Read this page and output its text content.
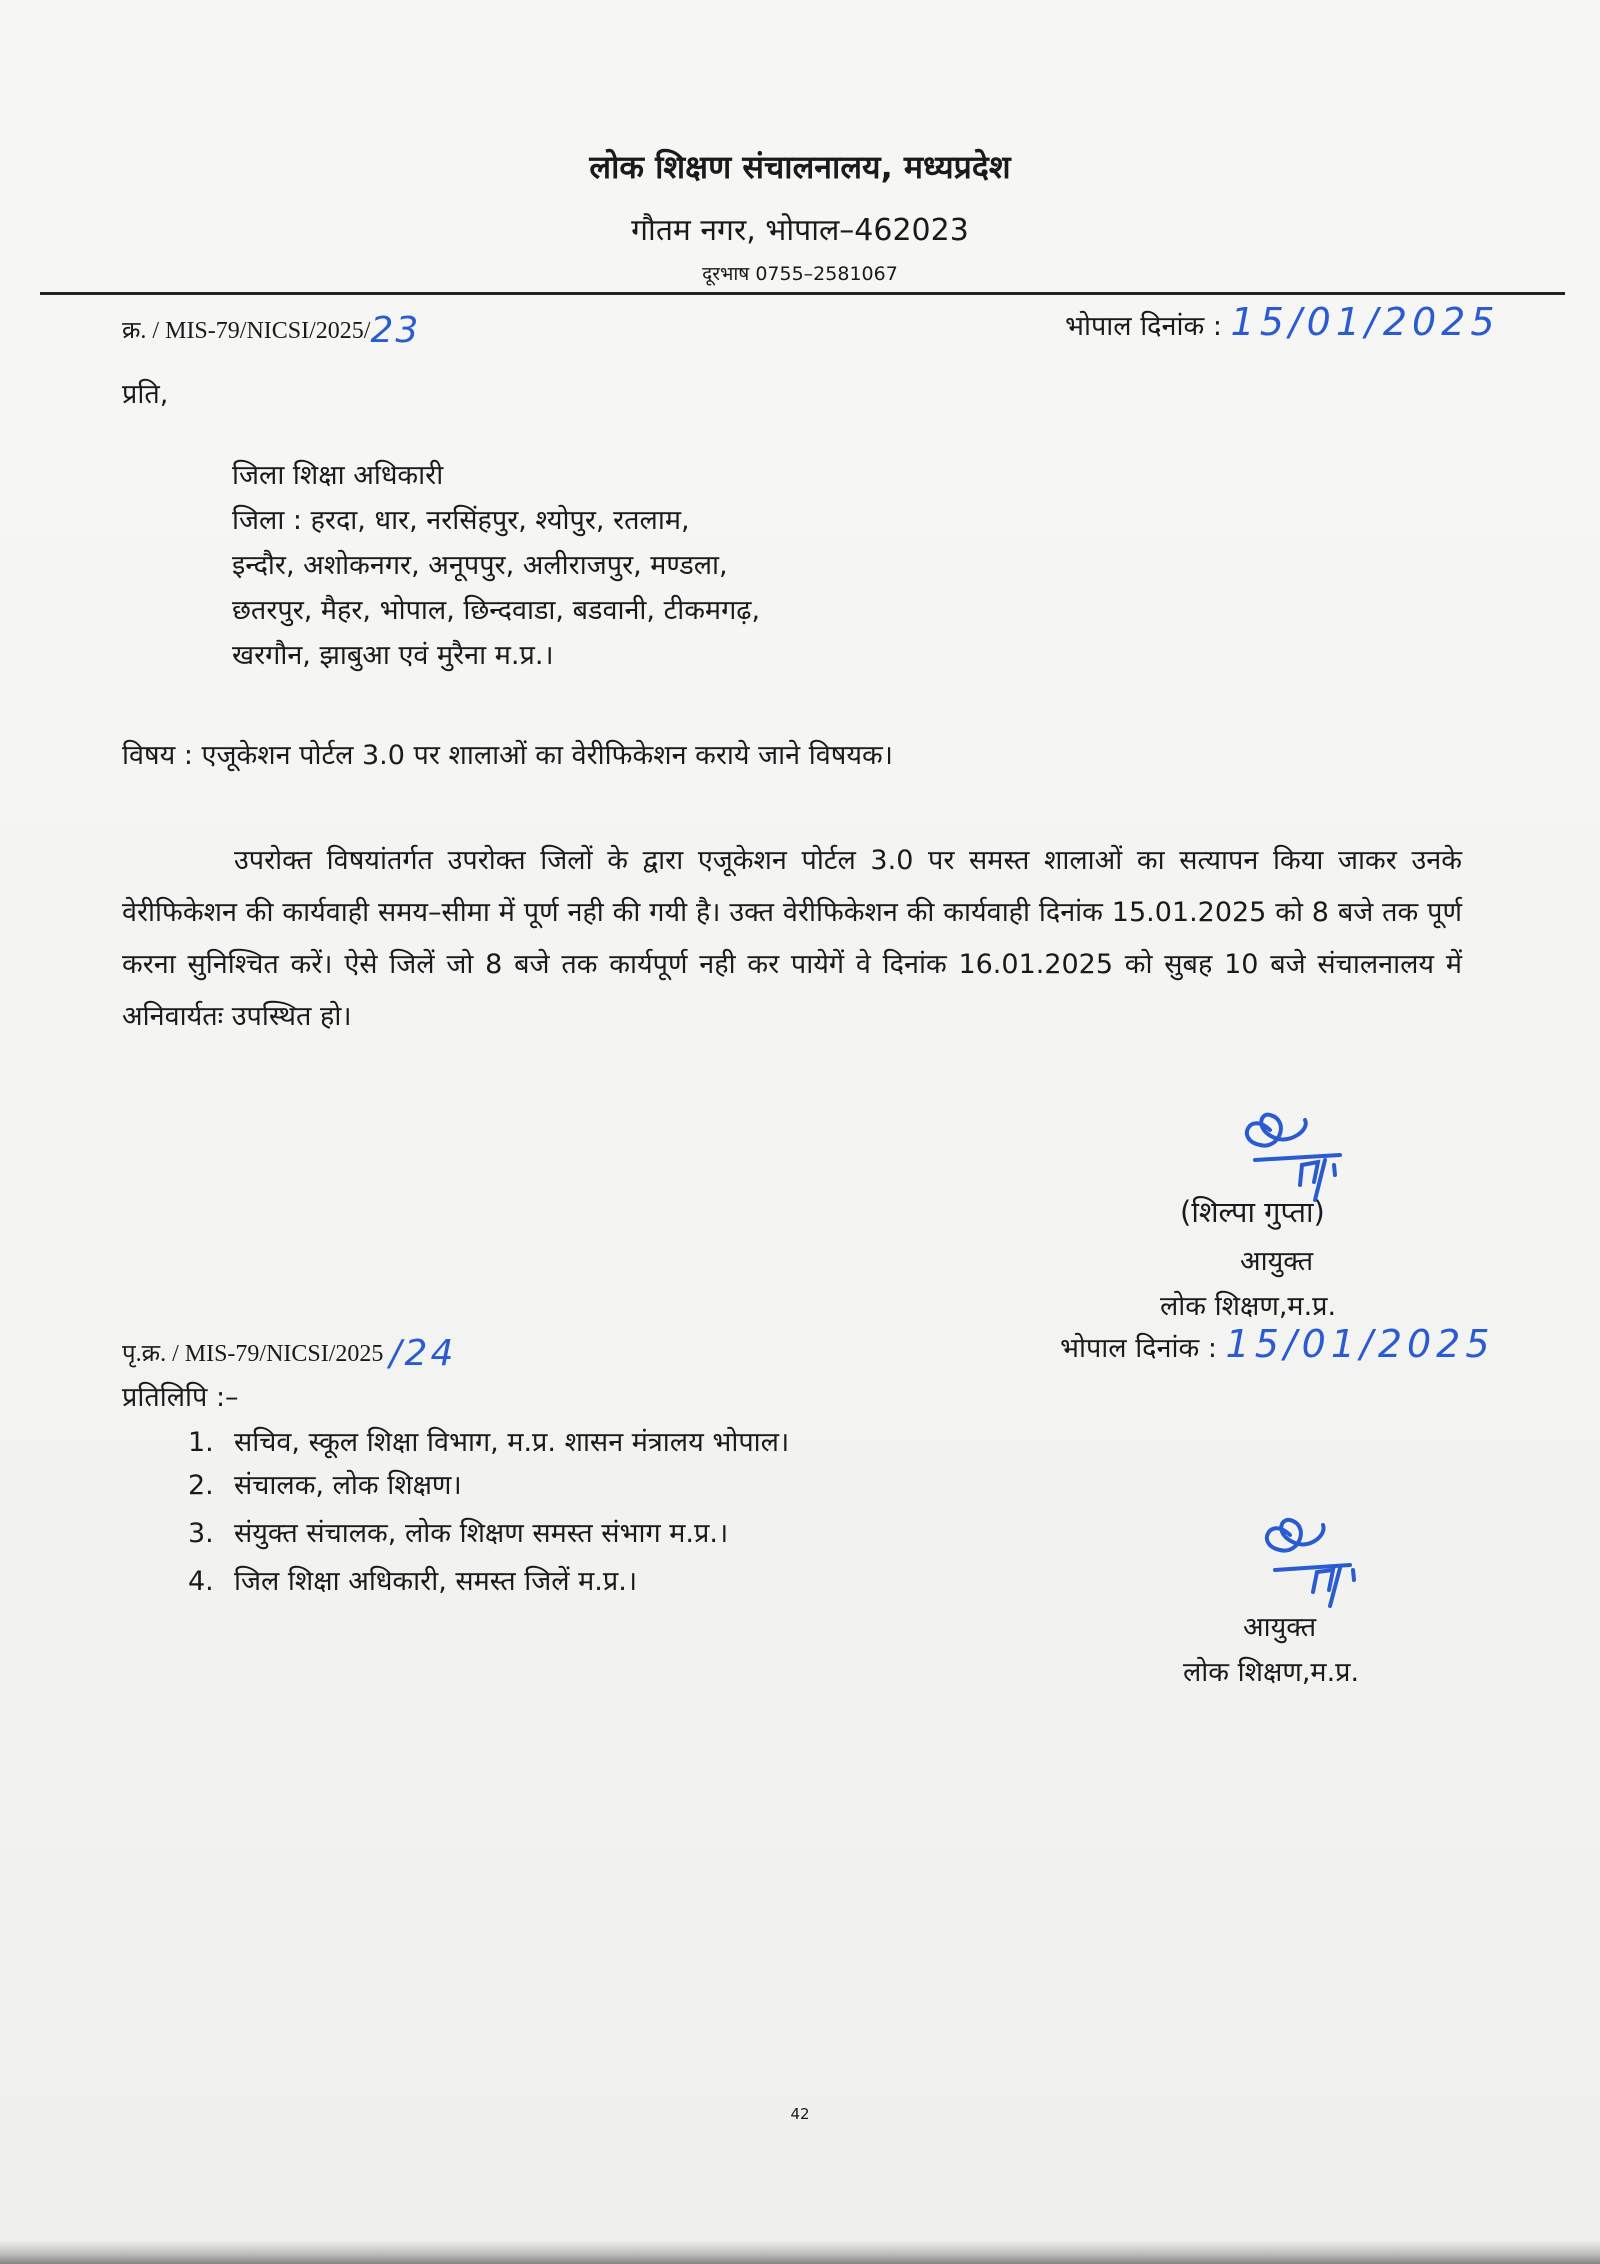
लोक शिक्षण संचालनालय, मध्यप्रदेश
गौतम नगर, भोपाल–462023
दूरभाष 0755–2581067
क्र. / MIS-79/NICSI/2025/23	भोपाल दिनांक : 15/01/2025
प्रति,
जिला शिक्षा अधिकारी
जिला : हरदा, धार, नरसिंहपुर, श्योपुर, रतलाम,
इन्दौर, अशोकनगर, अनूपपुर, अलीराजपुर, मण्डला,
छतरपुर, मैहर, भोपाल, छिन्दवाडा, बडवानी, टीकमगढ़,
खरगौन, झाबुआ एवं मुरैना म.प्र.।
विषय : एजूकेशन पोर्टल 3.0 पर शालाओं का वेरीफिकेशन कराये जाने विषयक।
उपरोक्त विषयांतर्गत उपरोक्त जिलों के द्वारा एजूकेशन पोर्टल 3.0 पर समस्त शालाओं का सत्यापन किया जाकर उनके वेरीफिकेशन की कार्यवाही समय–सीमा में पूर्ण नही की गयी है। उक्त वेरीफिकेशन की कार्यवाही दिनांक 15.01.2025 को 8 बजे तक पूर्ण करना सुनिश्चित करें। ऐसे जिलें जो 8 बजे तक कार्यपूर्ण नही कर पायेगें वे दिनांक 16.01.2025 को सुबह 10 बजे संचालनालय में अनिवार्यतः उपस्थित हो।
(शिल्पा गुप्ता)
आयुक्त
लोक शिक्षण,म.प्र.
भोपाल दिनांक : 15/01/2025
पृ.क्र. / MIS-79/NICSI/2025 /24
प्रतिलिपि :–
1. सचिव, स्कूल शिक्षा विभाग, म.प्र. शासन मंत्रालय भोपाल।
2. संचालक, लोक शिक्षण।
3. संयुक्त संचालक, लोक शिक्षण समस्त संभाग म.प्र.।
4. जिल शिक्षा अधिकारी, समस्त जिलें म.प्र.।
आयुक्त
लोक शिक्षण,म.प्र.
42
